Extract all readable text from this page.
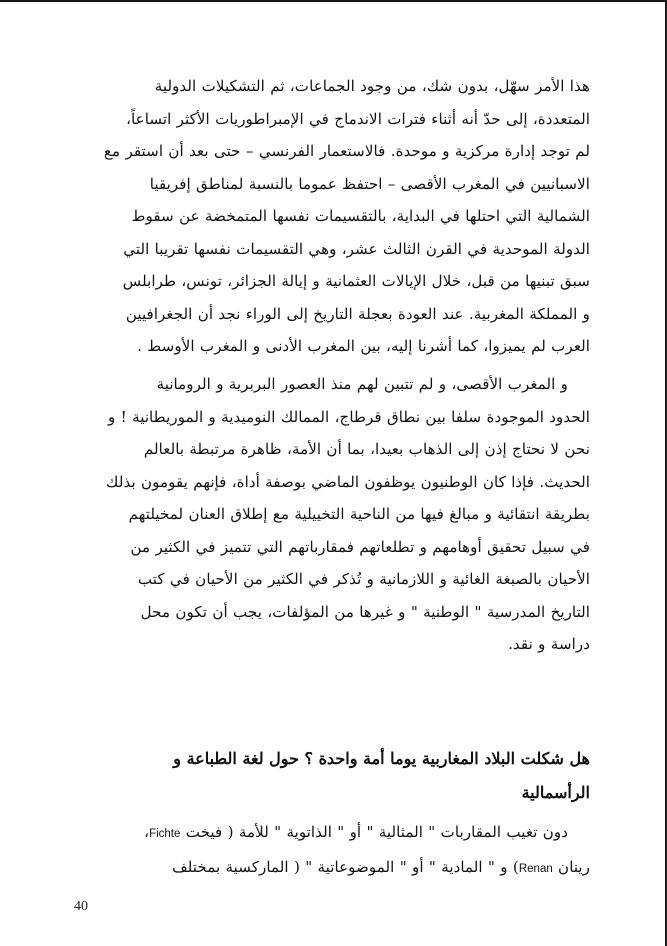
هذا الأمر سهّل، بدون شك، من وجود الجماعات، ثم التشكيلات الدولية
المتعددة، إلى حدّ أنه أثناء فترات الاندماج في الإمبراطوريات الأكثر اتساعاً،
لم توجد إدارة مركزية و موحدة. فالاستعمار الفرنسي – حتى بعد أن استقر مع
الاسبانيين في المغرب الأقصى – احتفظ عموما بالنسبة لمناطق إفريقيا
الشمالية التي احتلها في البداية، بالتقسيمات نفسها المتمخضة عن سقوط
الدولة الموحدية في القرن الثالث عشر، وهي التقسيمات نفسها تقريبا التي
سبق تبنيها من قبل، خلال الإيالات العثمانية و إيالة الجزائر، تونس، طرابلس
و المملكة المغربية. عند العودة بعجلة التاريخ إلى الوراء نجد أن الجغرافيين
العرب لم يميزوا، كما أشرنا إليه، بين المغرب الأدنى و المغرب الأوسط .
و المغرب الأقصى، و لم تتبين لهم منذ العصور البربرية و الرومانية
الحدود الموجودة سلفا بين نطاق قرطاج، الممالك النوميدية و الموريطانية ! و
نحن لا نحتاج إذن إلى الذهاب بعيدا، بما أن الأمة، ظاهرة مرتبطة بالعالم
الحديث. فإذا كان الوطنيون يوظفون الماضي بوصفة أداة، فإنهم يقومون بذلك
بطريقة انتقائية و مبالغ فيها من الناحية التخييلية مع إطلاق العنان لمخيلتهم
في سبيل تحقيق أوهامهم و تطلعاتهم فمقارباتهم التي تتميز في الكثير من
الأحيان بالصبغة الغائية و اللازمانية و تُذكر في الكثير من الأحيان في كتب
التاريخ المدرسية " الوطنية " و غيرها من المؤلفات، يجب أن تكون محل
دراسة و نقد.
هل شكلت البلاد المغاربية يوما أمة واحدة ؟ حول لغة الطباعة و
الرأسمالية
دون تغيب المقاربات " المثالية " أو " الذاتوية " للأمة ( فيخت Fichte،
رينان Renan) و " المادية " أو " الموضوعاتية " ( الماركسية بمختلف
40
